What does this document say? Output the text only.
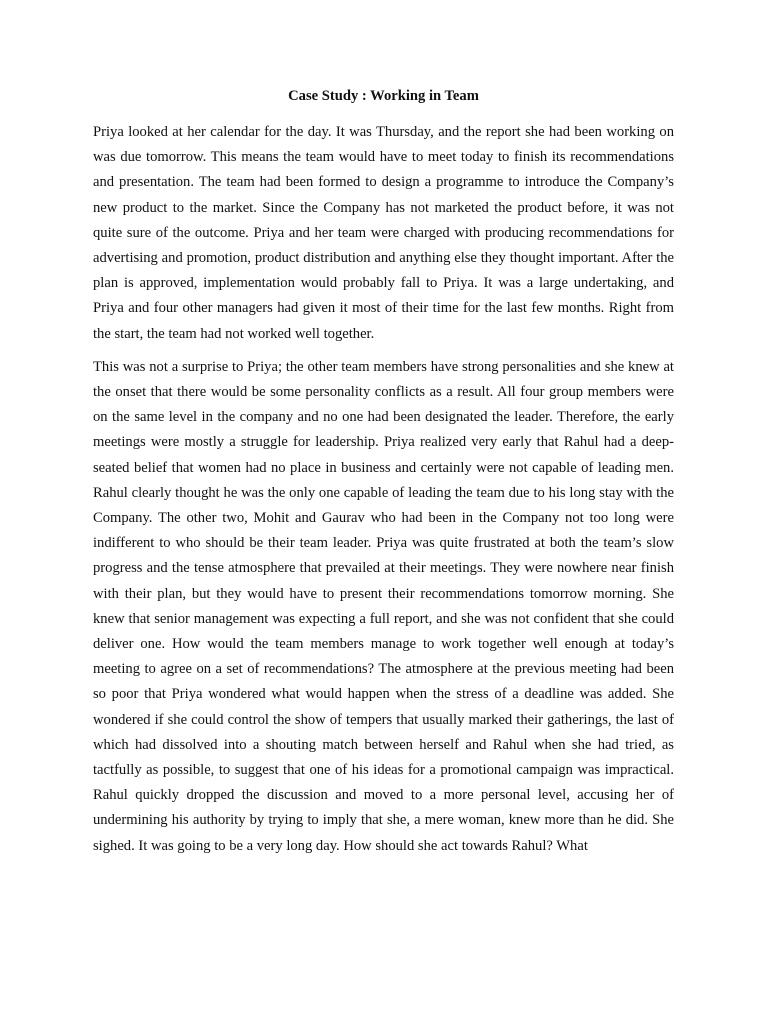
Case Study : Working in Team

Priya looked at her calendar for the day. It was Thursday, and the report she had been working on was due tomorrow. This means the team would have to meet today to finish its recommendations and presentation. The team had been formed to design a programme to introduce the Company’s new product to the market. Since the Company has not marketed the product before, it was not quite sure of the outcome. Priya and her team were charged with producing recommendations for advertising and promotion, product distribution and anything else they thought important. After the plan is approved, implementation would probably fall to Priya. It was a large undertaking, and Priya and four other managers had given it most of their time for the last few months. Right from the start, the team had not worked well together.

This was not a surprise to Priya; the other team members have strong personalities and she knew at the onset that there would be some personality conflicts as a result. All four group members were on the same level in the company and no one had been designated the leader. Therefore, the early meetings were mostly a struggle for leadership. Priya realized very early that Rahul had a deep-seated belief that women had no place in business and certainly were not capable of leading men. Rahul clearly thought he was the only one capable of leading the team due to his long stay with the Company. The other two, Mohit and Gaurav who had been in the Company not too long were indifferent to who should be their team leader. Priya was quite frustrated at both the team’s slow progress and the tense atmosphere that prevailed at their meetings. They were nowhere near finish with their plan, but they would have to present their recommendations tomorrow morning. She knew that senior management was expecting a full report, and she was not confident that she could deliver one. How would the team members manage to work together well enough at today’s meeting to agree on a set of recommendations? The atmosphere at the previous meeting had been so poor that Priya wondered what would happen when the stress of a deadline was added. She wondered if she could control the show of tempers that usually marked their gatherings, the last of which had dissolved into a shouting match between herself and Rahul when she had tried, as tactfully as possible, to suggest that one of his ideas for a promotional campaign was impractical. Rahul quickly dropped the discussion and moved to a more personal level, accusing her of undermining his authority by trying to imply that she, a mere woman, knew more than he did. She sighed. It was going to be a very long day. How should she act towards Rahul? What
